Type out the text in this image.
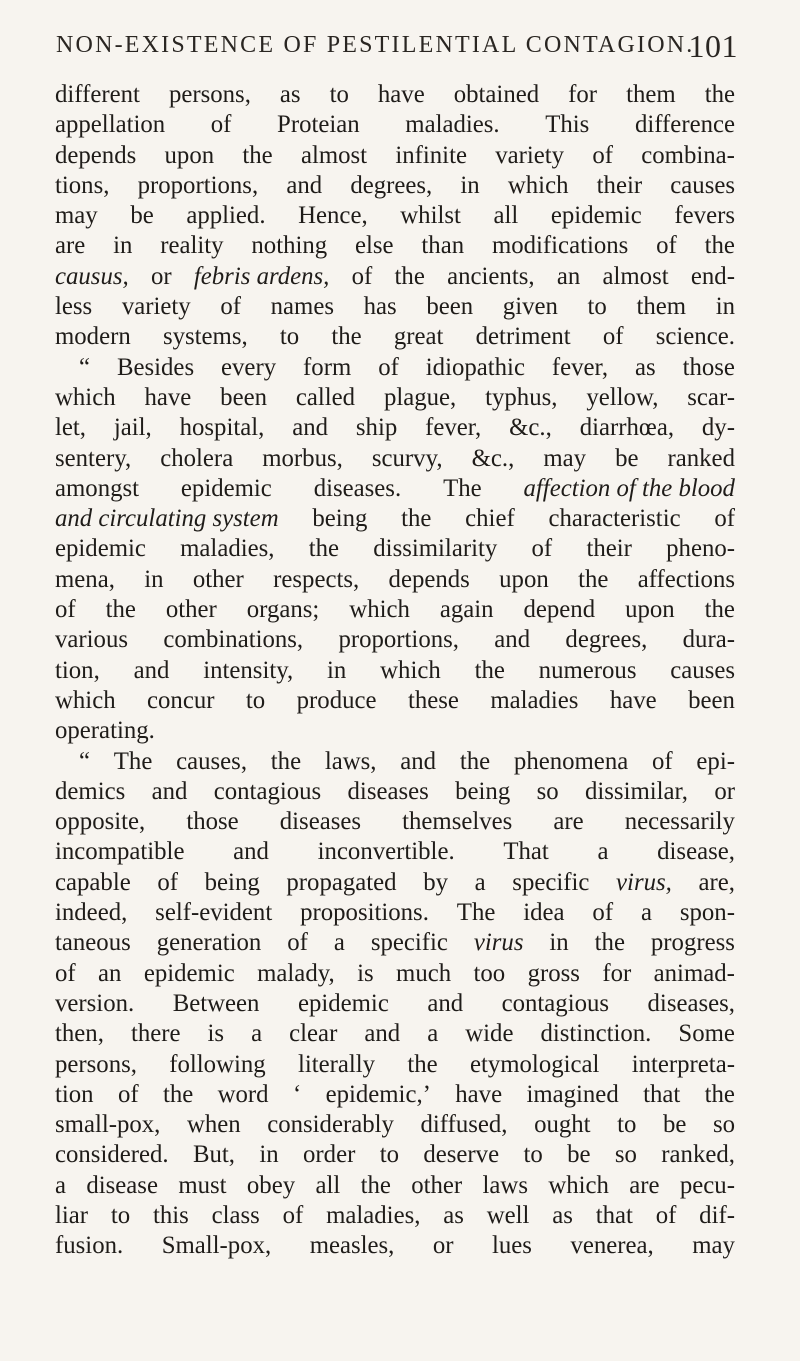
NON-EXISTENCE OF PESTILENTIAL CONTAGION.
101
different persons, as to have obtained for them the
appellation of Proteian maladies. This difference
depends upon the almost infinite variety of combina-
tions, proportions, and degrees, in which their causes
may be applied. Hence, whilst all epidemic fevers
are in reality nothing else than modifications of the
causus, or febris ardens, of the ancients, an almost end-
less variety of names has been given to them in
modern systems, to the great detriment of science.
“ Besides every form of idiopathic fever, as those
which have been called plague, typhus, yellow, scar-
let, jail, hospital, and ship fever, &c., diarrhœa, dy-
sentery, cholera morbus, scurvy, &c., may be ranked
amongst epidemic diseases. The affection of the blood
and circulating system being the chief characteristic of
epidemic maladies, the dissimilarity of their pheno-
mena, in other respects, depends upon the affections
of the other organs; which again depend upon the
various combinations, proportions, and degrees, dura-
tion, and intensity, in which the numerous causes
which concur to produce these maladies have been
operating.
“ The causes, the laws, and the phenomena of epi-
demics and contagious diseases being so dissimilar, or
opposite, those diseases themselves are necessarily
incompatible and inconvertible. That a disease,
capable of being propagated by a specific virus, are,
indeed, self-evident propositions. The idea of a spon-
taneous generation of a specific virus in the progress
of an epidemic malady, is much too gross for animad-
version. Between epidemic and contagious diseases,
then, there is a clear and a wide distinction. Some
persons, following literally the etymological interpreta-
tion of the word ‘ epidemic,’ have imagined that the
small-pox, when considerably diffused, ought to be so
considered. But, in order to deserve to be so ranked,
a disease must obey all the other laws which are pecu-
liar to this class of maladies, as well as that of dif-
fusion. Small-pox, measles, or lues venerea, may
